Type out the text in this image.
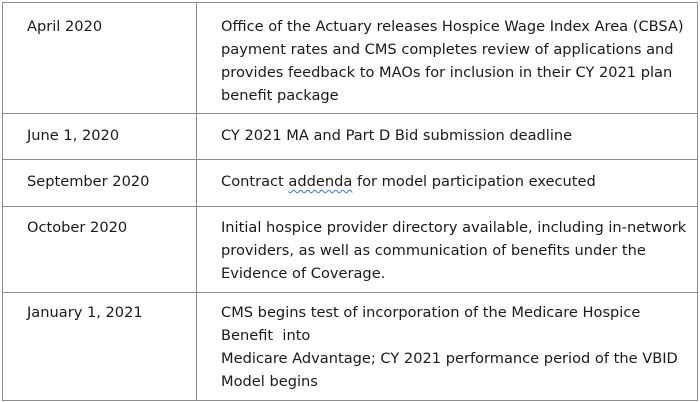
April 2020	Office of the Actuary releases Hospice Wage Index Area (CBSA)
payment rates and CMS completes review of applications and
provides feedback to MAOs for inclusion in their CY 2021 plan
benefit package

June 1, 2020	CY 2021 MA and Part D Bid submission deadline

September 2020	Contract addenda for model participation executed

October 2020	Initial hospice provider directory available, including in-network
providers, as well as communication of benefits under the
Evidence of Coverage.

January 1, 2021	CMS begins test of incorporation of the Medicare Hospice
Benefit  into
Medicare Advantage; CY 2021 performance period of the VBID
Model begins
